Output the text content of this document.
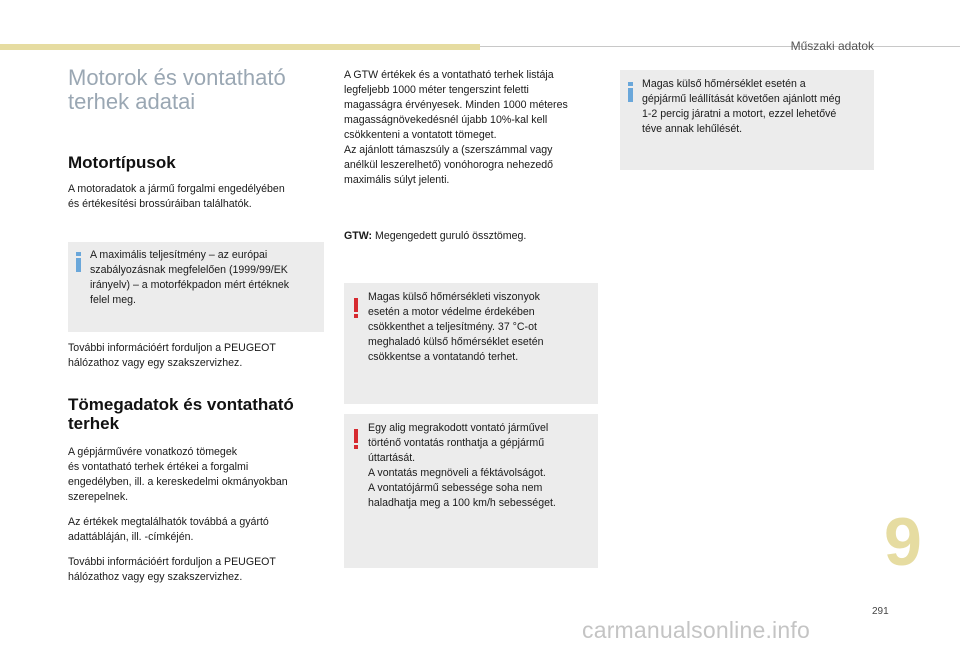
Műszaki adatok
Motorok és vontatható
terhek adatai
Motortípusok

A motoradatok a jármű forgalmi engedélyében
és értékesítési brossúráiban találhatók.

A maximális teljesítmény – az európai
szabályozásnak megfelelően (1999/99/EK
irányelv) – a motorfékpadon mért értéknek
felel meg.

További információért forduljon a PEUGEOT
hálózathoz vagy egy szakszervizhez.

Tömegadatok és vontatható
terhek

A gépjárművére vonatkozó tömegek
és vontatható terhek értékei a forgalmi
engedélyben, ill. a kereskedelmi okmányokban
szerepelnek.

Az értékek megtalálhatók továbbá a gyártó
adattábláján, ill. -címkéjén.

További információért forduljon a PEUGEOT
hálózathoz vagy egy szakszervizhez.

A GTW értékek és a vontatható terhek listája
legfeljebb 1000 méter tengerszint feletti
magasságra érvényesek. Minden 1000 méteres
magasságnövekedésnél újabb 10%-kal kell
csökkenteni a vontatott tömeget.
Az ajánlott támaszsúly a (szerszámmal vagy
anélkül leszerelhető) vonóhorogra nehezedő
maximális súlyt jelenti.

GTW: Megengedett guruló össztömeg.

Magas külső hőmérsékleti viszonyok
esetén a motor védelme érdekében
csökkenthet a teljesítmény. 37 °C-ot
meghaladó külső hőmérséklet esetén
csökkentse a vontatandó terhet.
Egy alig megrakodott vontató járművel
történő vontatás ronthatja a gépjármű
úttartását.
A vontatás megnöveli a féktávolságot.
A vontatójármű sebessége soha nem
haladhatja meg a 100 km/h sebességet.
Magas külső hőmérséklet esetén a
gépjármű leállítását követően ajánlott még
1-2 percig járatni a motort, ezzel lehetővé
téve annak lehűlését.
9
291
carmanualsonline.info
